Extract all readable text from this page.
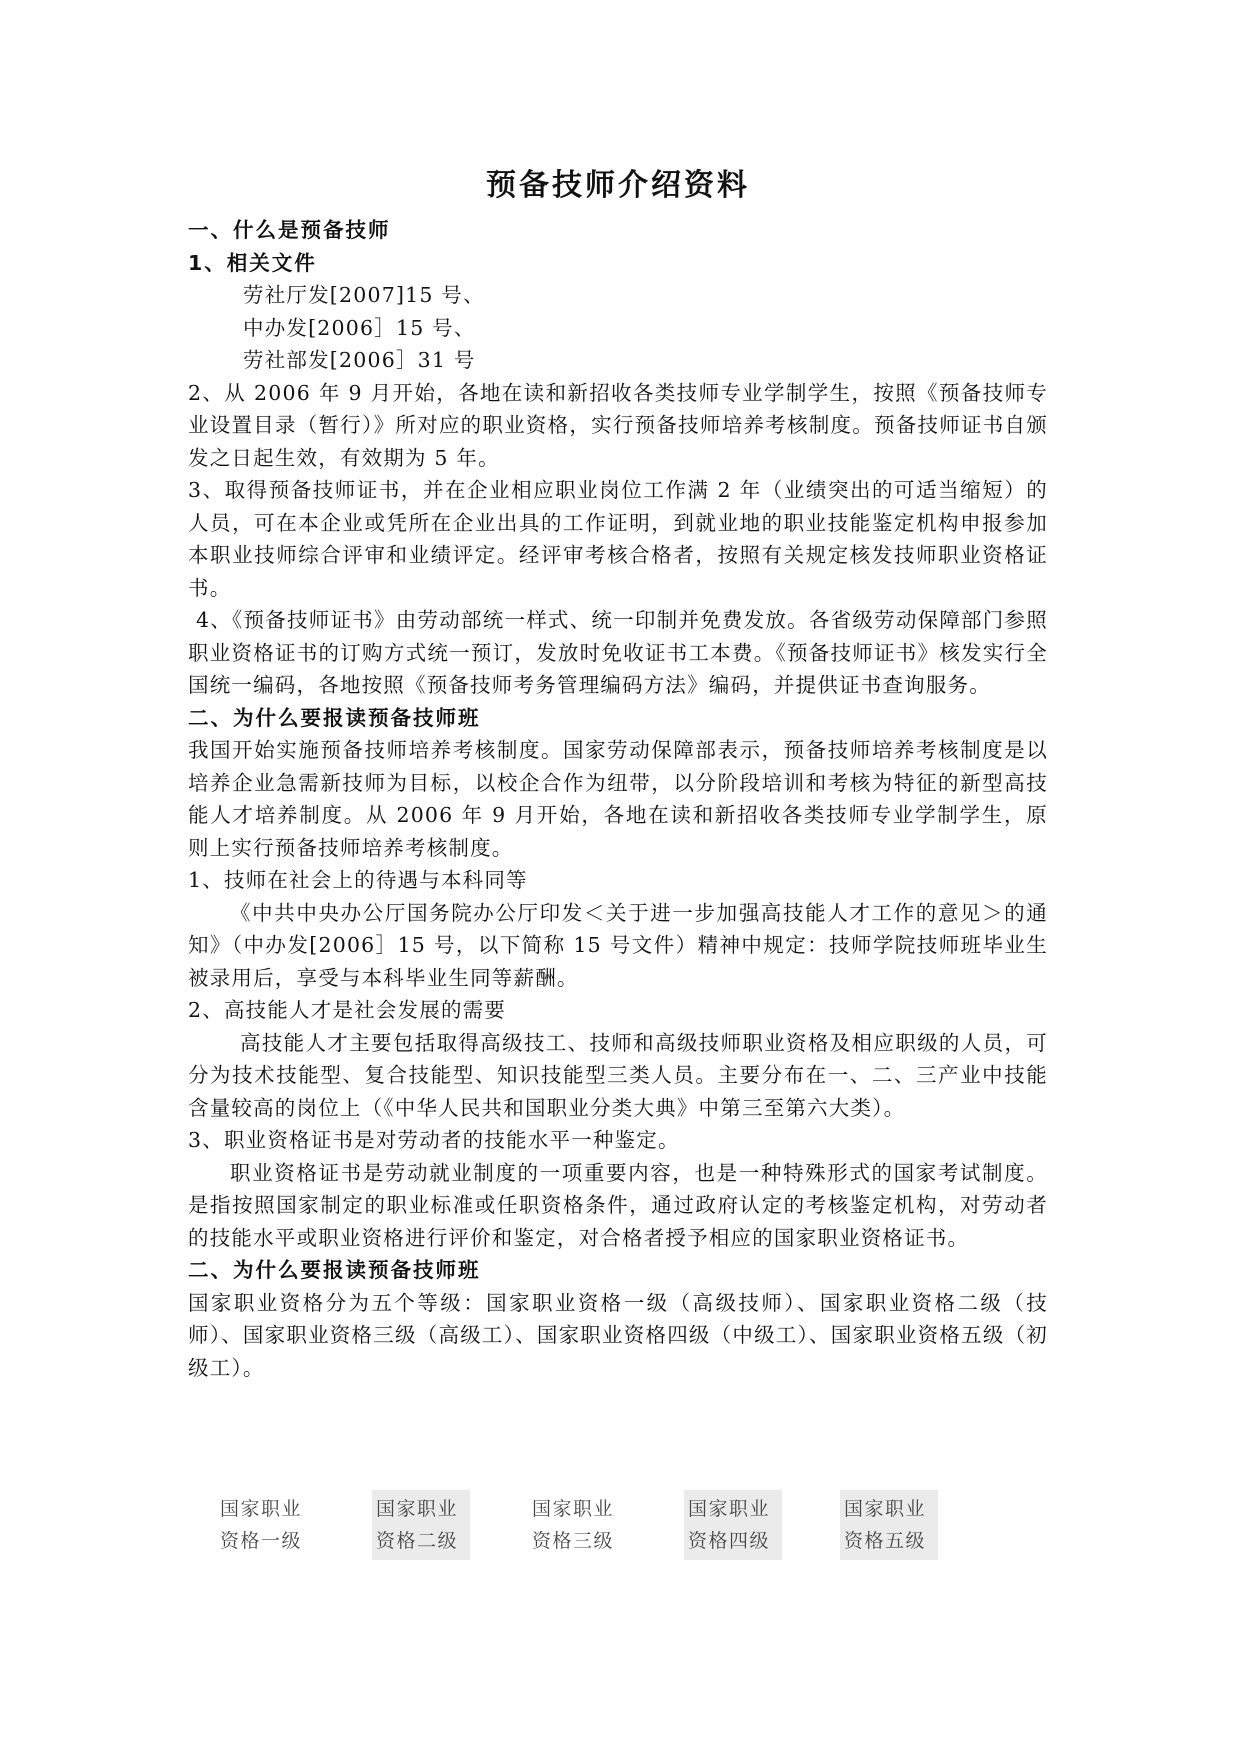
预备技师介绍资料

一、什么是预备技师

1、相关文件

劳社厅发[2007]15 号、

中办发[2006］15 号、

劳社部发[2006］31 号

2、从 2006 年 9 月开始，各地在读和新招收各类技师专业学制学生，按照《预备技师专业设置目录（暂行）》所对应的职业资格，实行预备技师培养考核制度。预备技师证书自颁发之日起生效，有效期为 5 年。

3、取得预备技师证书，并在企业相应职业岗位工作满 2 年（业绩突出的可适当缩短）的人员，可在本企业或凭所在企业出具的工作证明，到就业地的职业技能鉴定机构申报参加本职业技师综合评审和业绩评定。经评审考核合格者，按照有关规定核发技师职业资格证书。

4、《预备技师证书》由劳动部统一样式、统一印制并免费发放。各省级劳动保障部门参照职业资格证书的订购方式统一预订，发放时免收证书工本费。《预备技师证书》核发实行全国统一编码，各地按照《预备技师考务管理编码方法》编码，并提供证书查询服务。

二、为什么要报读预备技师班

我国开始实施预备技师培养考核制度。国家劳动保障部表示，预备技师培养考核制度是以培养企业急需新技师为目标，以校企合作为纽带，以分阶段培训和考核为特征的新型高技能人才培养制度。从 2006 年 9 月开始，各地在读和新招收各类技师专业学制学生，原则上实行预备技师培养考核制度。

1、技师在社会上的待遇与本科同等

《中共中央办公厅国务院办公厅印发＜关于进一步加强高技能人才工作的意见＞的通知》（中办发[2006］15 号，以下简称 15 号文件）精神中规定：技师学院技师班毕业生被录用后，享受与本科毕业生同等薪酬。

2、高技能人才是社会发展的需要

高技能人才主要包括取得高级技工、技师和高级技师职业资格及相应职级的人员，可分为技术技能型、复合技能型、知识技能型三类人员。主要分布在一、二、三产业中技能含量较高的岗位上（《中华人民共和国职业分类大典》中第三至第六大类）。

3、职业资格证书是对劳动者的技能水平一种鉴定。

职业资格证书是劳动就业制度的一项重要内容，也是一种特殊形式的国家考试制度。是指按照国家制定的职业标准或任职资格条件，通过政府认定的考核鉴定机构，对劳动者的技能水平或职业资格进行评价和鉴定，对合格者授予相应的国家职业资格证书。

二、为什么要报读预备技师班

国家职业资格分为五个等级：国家职业资格一级（高级技师）、国家职业资格二级（技师）、国家职业资格三级（高级工）、国家职业资格四级（中级工）、国家职业资格五级（初级工）。

国家职业
资格一级
国家职业
资格二级
国家职业
资格三级
国家职业
资格四级
国家职业
资格五级
